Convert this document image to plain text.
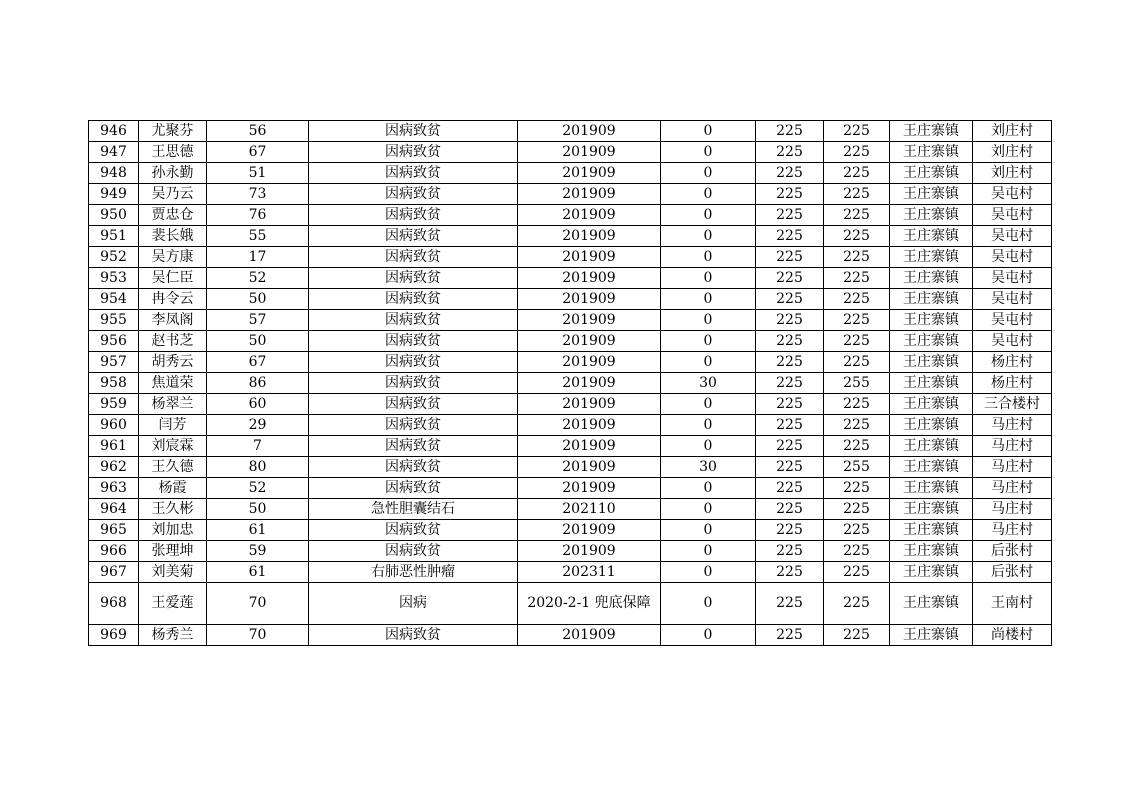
946	尤聚芬	56	因病致贫	201909	0	225	225	王庄寨镇	刘庄村
947	王思德	67	因病致贫	201909	0	225	225	王庄寨镇	刘庄村
948	孙永勤	51	因病致贫	201909	0	225	225	王庄寨镇	刘庄村
949	吴乃云	73	因病致贫	201909	0	225	225	王庄寨镇	吴屯村
950	贾忠仓	76	因病致贫	201909	0	225	225	王庄寨镇	吴屯村
951	裴长娥	55	因病致贫	201909	0	225	225	王庄寨镇	吴屯村
952	吴方康	17	因病致贫	201909	0	225	225	王庄寨镇	吴屯村
953	吴仁臣	52	因病致贫	201909	0	225	225	王庄寨镇	吴屯村
954	冉令云	50	因病致贫	201909	0	225	225	王庄寨镇	吴屯村
955	李凤阁	57	因病致贫	201909	0	225	225	王庄寨镇	吴屯村
956	赵书芝	50	因病致贫	201909	0	225	225	王庄寨镇	吴屯村
957	胡秀云	67	因病致贫	201909	0	225	225	王庄寨镇	杨庄村
958	焦道荣	86	因病致贫	201909	30	225	255	王庄寨镇	杨庄村
959	杨翠兰	60	因病致贫	201909	0	225	225	王庄寨镇	三合楼村
960	闫芳	29	因病致贫	201909	0	225	225	王庄寨镇	马庄村
961	刘宸霖	7	因病致贫	201909	0	225	225	王庄寨镇	马庄村
962	王久德	80	因病致贫	201909	30	225	255	王庄寨镇	马庄村
963	杨霞	52	因病致贫	201909	0	225	225	王庄寨镇	马庄村
964	王久彬	50	急性胆囊结石	202110	0	225	225	王庄寨镇	马庄村
965	刘加忠	61	因病致贫	201909	0	225	225	王庄寨镇	马庄村
966	张理坤	59	因病致贫	201909	0	225	225	王庄寨镇	后张村
967	刘美菊	61	右肺恶性肿瘤	202311	0	225	225	王庄寨镇	后张村
968	王爱莲	70	因病	2020-2-1 兜底保障	0	225	225	王庄寨镇	王南村
969	杨秀兰	70	因病致贫	201909	0	225	225	王庄寨镇	尚楼村
